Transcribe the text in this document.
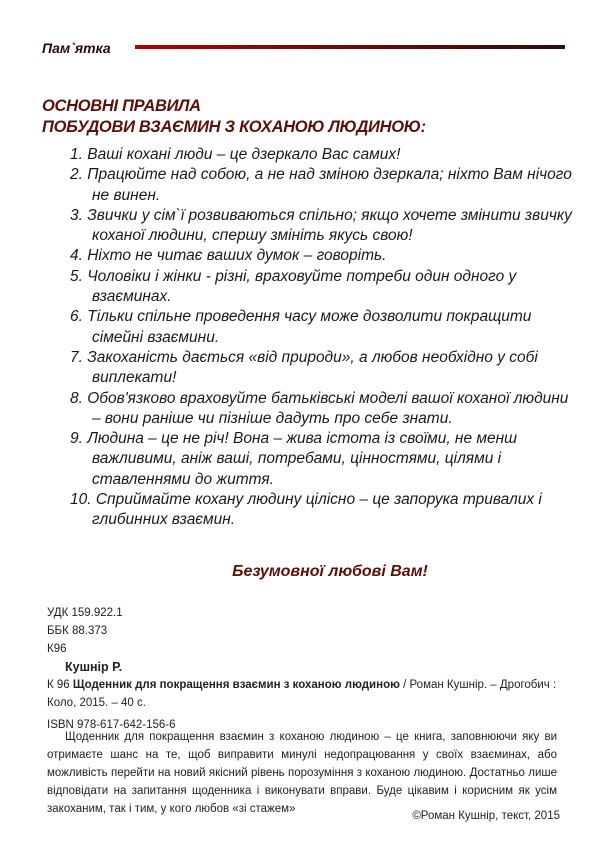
Пам`ятка
ОСНОВНІ ПРАВИЛА
ПОБУДОВИ ВЗАЄМИН З КОХАНОЮ ЛЮДИНОЮ:
1. Ваші кохані люди – це дзеркало Вас самих!
2. Працюйте над собою, а не над зміною дзеркала; ніхто Вам нічого не винен.
3. Звички у сім`ї розвиваються спільно; якщо хочете змінити звичку коханої людини, спершу змініть якусь свою!
4. Ніхто не читає ваших думок – говоріть.
5. Чоловіки і жінки - різні, враховуйте потреби один одного у взаєминах.
6. Тільки спільне проведення часу може дозволити покращити сімейні взаємини.
7. Закоханість дається «від природи», а любов необхідно у собі виплекати!
8. Обов'язково враховуйте батьківські моделі вашої коханої людини – вони раніше чи пізніше дадуть про себе знати.
9. Людина – це не річ! Вона – жива істота із своїми, не менш важливими, аніж ваші, потребами, цінностями, цілями і ставленнями до життя.
10. Сприймайте кохану людину цілісно – це запорука тривалих і глибинних взаємин.
Безумовної любові Вам!
УДК 159.922.1
ББК 88.373
К96
Кушнір Р.
К 96 Щоденник для покращення взаємин з коханою людиною / Роман Кушнір. – Дрогобич : Коло, 2015. – 40 с.
ISBN 978-617-642-156-6
Щоденник для покращення взаємин з коханою людиною – це книга, заповнюючи яку ви отримаєте шанс на те, щоб виправити минулі недопрацювання у своїх взаєминах, або можливість перейти на новий якісний рівень порозуміння з коханою людиною. Достатньо лише відповідати на запитання щоденника і виконувати вправи. Буде цікавим і корисним як усім закоханим, так і тим, у кого любов «зі стажем»
©Роман Кушнір, текст, 2015
